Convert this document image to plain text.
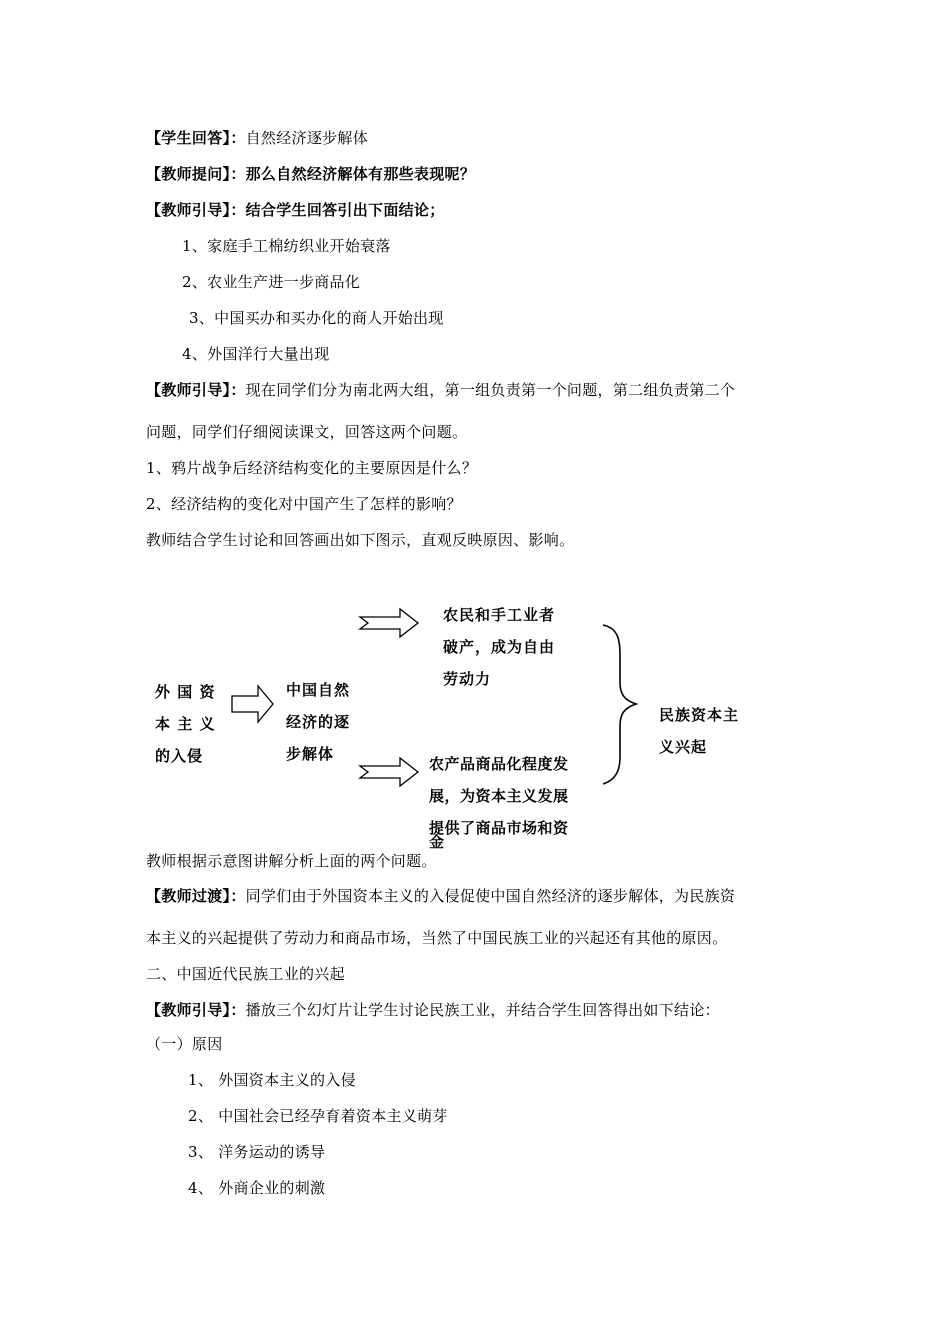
【学生回答】：自然经济逐步解体
【教师提问】：那么自然经济解体有那些表现呢？
【教师引导】：结合学生回答引出下面结论；
1、家庭手工棉纺织业开始衰落
2、农业生产进一步商品化
3、中国买办和买办化的商人开始出现
4、外国洋行大量出现
【教师引导】：现在同学们分为南北两大组，第一组负责第一个问题，第二组负责第二个
问题，同学们仔细阅读课文，回答这两个问题。
1、鸦片战争后经济结构变化的主要原因是什么？
2、经济结构的变化对中国产生了怎样的影响？
教师结合学生讨论和回答画出如下图示，直观反映原因、影响。
外 国 资
本 主 义
的入侵
中国自然
经济的逐
步解体
农民和手工业者
破产，成为自由
劳动力
农产品商品化程度发
展，为资本主义发展
提供了商品市场和资
金
民族资本主
义兴起
教师根据示意图讲解分析上面的两个问题。
【教师过渡】：同学们由于外国资本主义的入侵促使中国自然经济的逐步解体，为民族资
本主义的兴起提供了劳动力和商品市场，当然了中国民族工业的兴起还有其他的原因。
二、中国近代民族工业的兴起
【教师引导】：播放三个幻灯片让学生讨论民族工业，并结合学生回答得出如下结论：
（一）原因
1、 外国资本主义的入侵
2、 中国社会已经孕育着资本主义萌芽
3、 洋务运动的诱导
4、 外商企业的刺激
